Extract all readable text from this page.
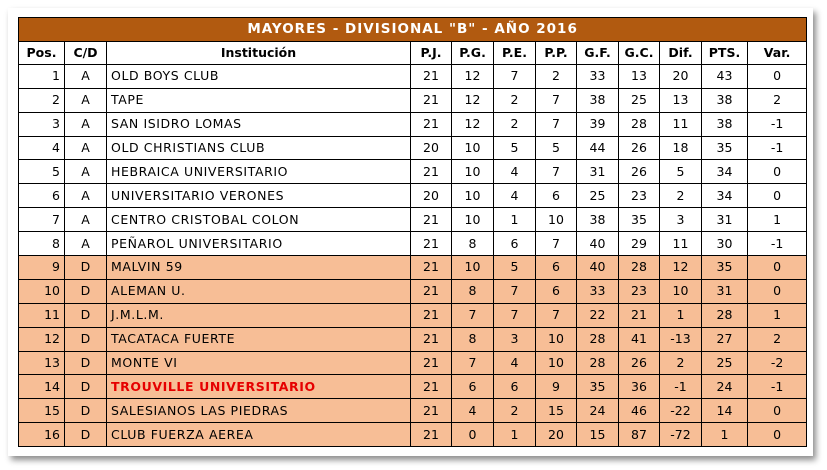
MAYORES - DIVISIONAL "B" - AÑO 2016											
Pos.	C/D	Institución	P.J.	P.G.	P.E.	P.P.	G.F.	G.C.	Dif.	PTS.	Var.
1	A	OLD BOYS CLUB	21	12	7	2	33	13	20	43	0
2	A	TAPE	21	12	2	7	38	25	13	38	2
3	A	SAN ISIDRO LOMAS	21	12	2	7	39	28	11	38	-1
4	A	OLD CHRISTIANS CLUB	20	10	5	5	44	26	18	35	-1
5	A	HEBRAICA UNIVERSITARIO	21	10	4	7	31	26	5	34	0
6	A	UNIVERSITARIO VERONES	20	10	4	6	25	23	2	34	0
7	A	CENTRO CRISTOBAL COLON	21	10	1	10	38	35	3	31	1
8	A	PEÑAROL UNIVERSITARIO	21	8	6	7	40	29	11	30	-1
9	D	MALVIN 59	21	10	5	6	40	28	12	35	0
10	D	ALEMAN U.	21	8	7	6	33	23	10	31	0
11	D	J.M.L.M.	21	7	7	7	22	21	1	28	1
12	D	TACATACA FUERTE	21	8	3	10	28	41	-13	27	2
13	D	MONTE VI	21	7	4	10	28	26	2	25	-2
14	D	TROUVILLE UNIVERSITARIO	21	6	6	9	35	36	-1	24	-1
15	D	SALESIANOS LAS PIEDRAS	21	4	2	15	24	46	-22	14	0
16	D	CLUB FUERZA AEREA	21	0	1	20	15	87	-72	1	0
